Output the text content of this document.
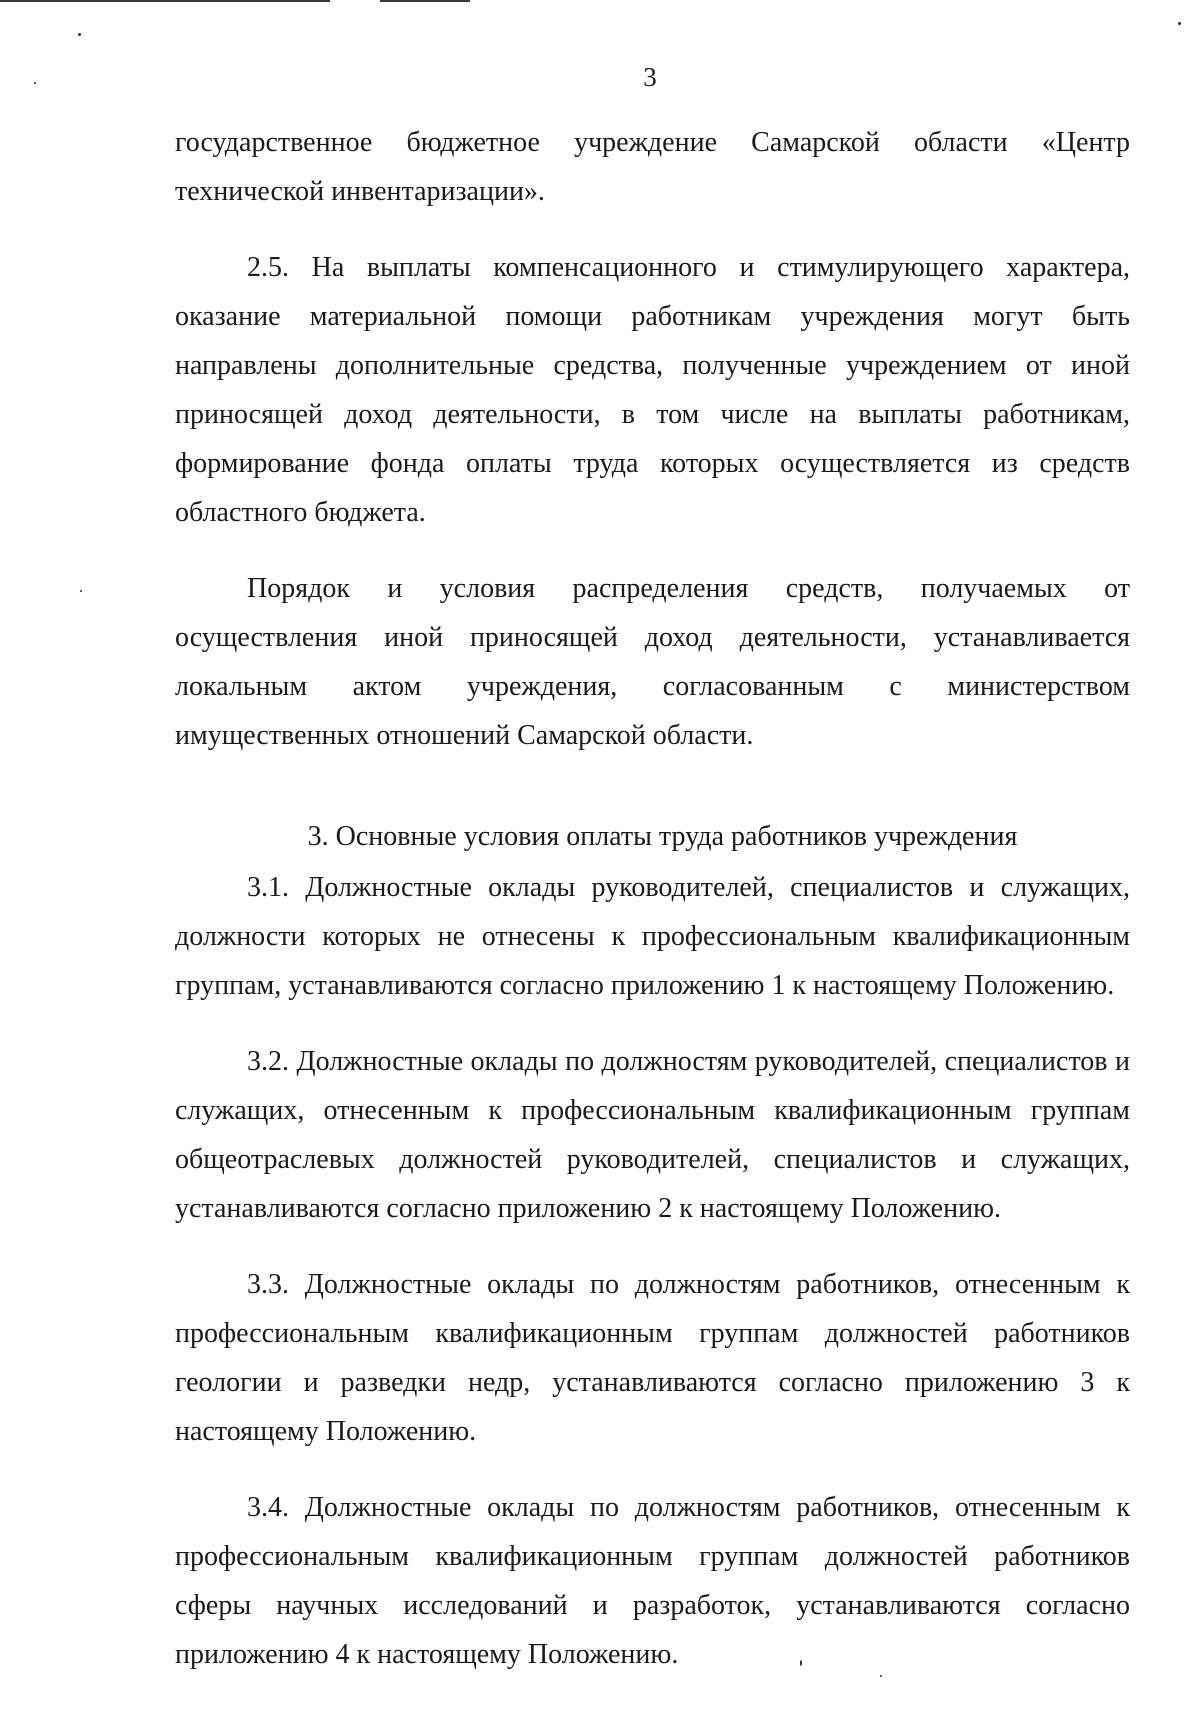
3

государственное бюджетное учреждение Самарской области «Центр технической инвентаризации».

2.5. На выплаты компенсационного и стимулирующего характера, оказание материальной помощи работникам учреждения могут быть направлены дополнительные средства, полученные учреждением от иной приносящей доход деятельности, в том числе на выплаты работникам, формирование фонда оплаты труда которых осуществляется из средств областного бюджета.

Порядок и условия распределения средств, получаемых от осуществления иной приносящей доход деятельности, устанавливается локальным актом учреждения, согласованным с министерством имущественных отношений Самарской области.

3. Основные условия оплаты труда работников учреждения

3.1. Должностные оклады руководителей, специалистов и служащих, должности которых не отнесены к профессиональным квалификационным группам, устанавливаются согласно приложению 1 к настоящему Положению.

3.2. Должностные оклады по должностям руководителей, специалистов и служащих, отнесенным к профессиональным квалификационным группам общеотраслевых должностей руководителей, специалистов и служащих, устанавливаются согласно приложению 2 к настоящему Положению.

3.3. Должностные оклады по должностям работников, отнесенным к профессиональным квалификационным группам должностей работников геологии и разведки недр, устанавливаются согласно приложению 3 к настоящему Положению.

3.4. Должностные оклады по должностям работников, отнесенным к профессиональным квалификационным группам должностей работников сферы научных исследований и разработок, устанавливаются согласно приложению 4 к настоящему Положению.
